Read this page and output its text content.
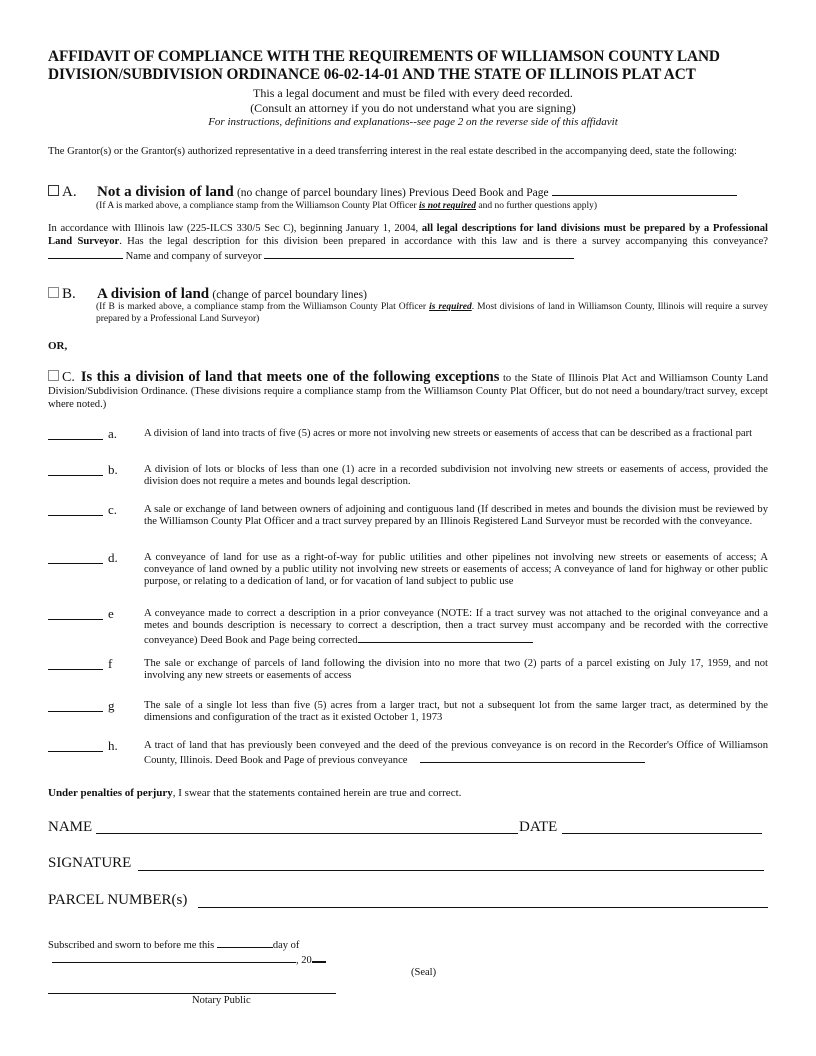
AFFIDAVIT OF COMPLIANCE WITH THE REQUIREMENTS OF WILLIAMSON COUNTY LAND
DIVISION/SUBDIVISION ORDINANCE 06-02-14-01 AND THE STATE OF ILLINOIS PLAT ACT
This a legal document and must be filed with every deed recorded.
(Consult an attorney if you do not understand what you are signing)
For instructions, definitions and explanations--see page 2 on the reverse side of this affidavit
The Grantor(s) or the Grantor(s) authorized representative in a deed transferring interest in the real estate described in the accompanying deed, state the following:
A. Not a division of land (no change of parcel boundary lines) Previous Deed Book and Page
(If A is marked above, a compliance stamp from the Williamson County Plat Officer is not required and no further questions apply)
In accordance with Illinois law (225-ILCS 330/5 Sec C), beginning January 1, 2004, all legal descriptions for land divisions must be prepared by a Professional Land Surveyor. Has the legal description for this division been prepared in accordance with this law and is there a survey accompanying this conveyance?  Name and company of surveyor
B. A division of land (change of parcel boundary lines)
(If B is marked above, a compliance stamp from the Williamson County Plat Officer is required. Most divisions of land in Williamson County, Illinois will require a survey prepared by a Professional Land Surveyor)
OR,
C. Is this a division of land that meets one of the following exceptions to the State of Illinois Plat Act and Williamson County Land Division/Subdivision Ordinance. (These divisions require a compliance stamp from the Williamson County Plat Officer, but do not need a boundary/tract survey, except where noted.)
a.	A division of land into tracts of five (5) acres or more not involving new streets or easements of access that can be described as a fractional part
b. A division of lots or blocks of less than one (1) acre in a recorded subdivision not involving new streets or easements of access, provided the division does not require a metes and bounds legal description.
c.	A sale or exchange of land between owners of adjoining and contiguous land (If described in metes and bounds the division must be reviewed by the Williamson County Plat Officer and a tract survey prepared by an Illinois Registered Land Surveyor must be recorded with the conveyance.
d. A conveyance of land for use as a right-of-way for public utilities and other pipelines not involving new streets or easements of access; A conveyance of land owned by a public utility not involving new streets or easements of access; A conveyance of land for highway or other public purpose, or relating to a dedication of land, or for vacation of land subject to public use
e	A conveyance made to correct a description in a prior conveyance (NOTE: If a tract survey was not attached to the original conveyance and a metes and bounds description is necessary to correct a description, then a tract survey must accompany and be recorded with the corrective conveyance) Deed Book and Page being corrected
f	The sale or exchange of parcels of land following the division into no more that two (2) parts of a parcel existing on July 17, 1959, and not involving any new streets or easements of access
g	The sale of a single lot less than five (5) acres from a larger tract, but not a subsequent lot from the same larger tract, as determined by the dimensions and configuration of the tract as it existed October 1, 1973
h. A tract of land that has previously been conveyed and the deed of the previous conveyance is on record in the Recorder's Office of Williamson County, Illinois. Deed Book and Page of previous conveyance
Under penalties of perjury, I swear that the statements contained herein are true and correct.
NAME	DATE
SIGNATURE
PARCEL NUMBER(s)
Subscribed and sworn to before me this	day of
, 20
(Seal)
Notary Public
